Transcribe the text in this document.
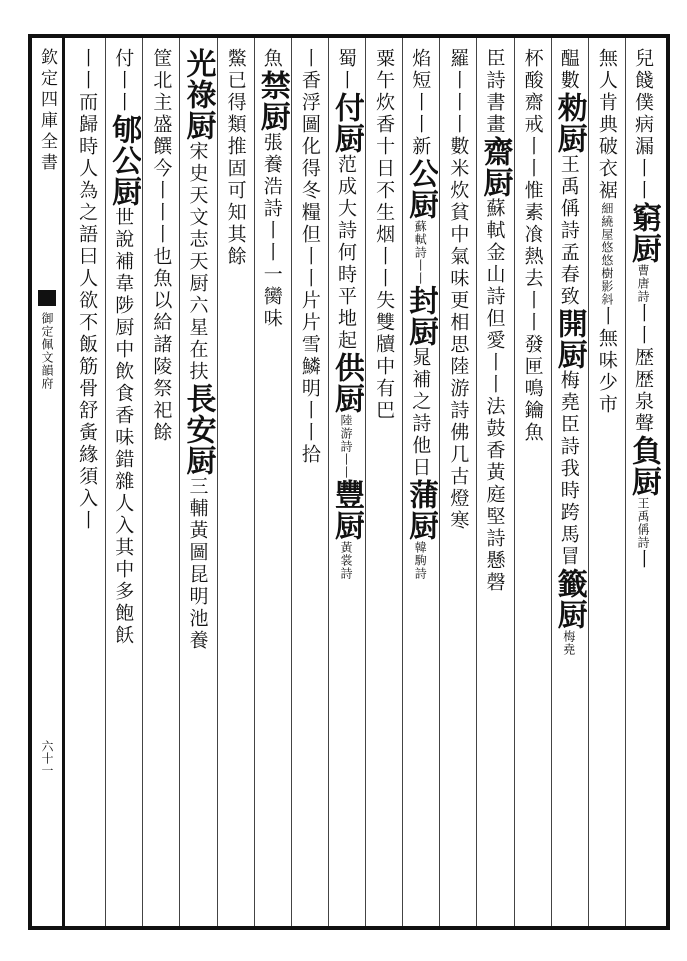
欽定四庫全書
御定佩文韻府
六十一
兒餞僕病漏丨丨窮厨曹唐詩丨丨歴歴泉聲負厨王禹偁詩丨
無人肯典破衣裾細繞屋悠悠樹影斜丨無味少市
醖數勑厨王禹偁詩孟春致開厨梅堯臣詩我時跨馬冒籤厨梅堯
杯酸齋戒丨丨惟素飡熱去丨丨發匣鳴鑰魚
臣詩書畫齋厨蘇軾金山詩但愛丨丨法鼓香黃庭堅詩懸磬
羅丨丨丨數米炊貧中氣味更相思陸游詩佛几古燈寒
焰短丨丨新公厨蘇軾詩丨丨封厨晁補之詩他日蒲厨韓駒詩
粟午炊香十日不生烟丨丨失雙牘中有巴
蜀丨付厨范成大詩何時平地起供厨陸游詩丨丨豐厨黃裳詩
丨香浮圖化得冬糧但丨丨片片雪鱗明丨丨拾
魚禁厨張養浩詩丨丨一臠味
鱉已得類推固可知其餘
光祿厨宋史天文志天厨六星在扶長安厨三輔黃圖昆明池養
筐北主盛饌今丨丨丨也魚以給諸陵祭祀餘
付丨丨郇公厨世說補韋陟厨中飲食香味錯雜人入其中多飽飫
丨丨而歸時人為之語曰人欲不飯筋骨舒夤緣須入丨
